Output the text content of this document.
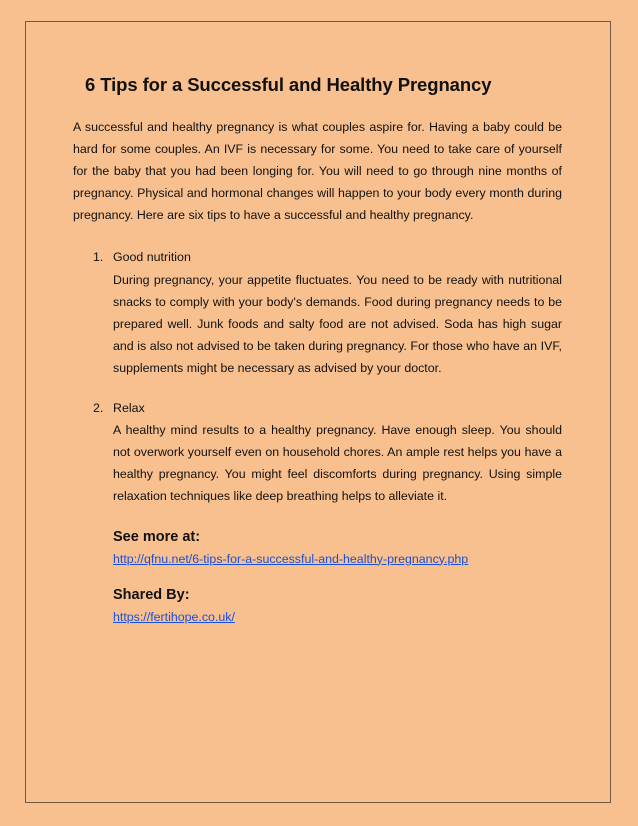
6 Tips for a Successful and Healthy Pregnancy

A successful and healthy pregnancy is what couples aspire for. Having a baby could be hard for some couples. An IVF is necessary for some. You need to take care of yourself for the baby that you had been longing for. You will need to go through nine months of pregnancy. Physical and hormonal changes will happen to your body every month during pregnancy. Here are six tips to have a successful and healthy pregnancy.

1. Good nutrition
During pregnancy, your appetite fluctuates. You need to be ready with nutritional snacks to comply with your body's demands. Food during pregnancy needs to be prepared well. Junk foods and salty food are not advised. Soda has high sugar and is also not advised to be taken during pregnancy. For those who have an IVF, supplements might be necessary as advised by your doctor.
2. Relax
A healthy mind results to a healthy pregnancy. Have enough sleep. You should not overwork yourself even on household chores. An ample rest helps you have a healthy pregnancy. You might feel discomforts during pregnancy. Using simple relaxation techniques like deep breathing helps to alleviate it.
See more at:
http://qfnu.net/6-tips-for-a-successful-and-healthy-pregnancy.php
Shared By:
https://fertihope.co.uk/
